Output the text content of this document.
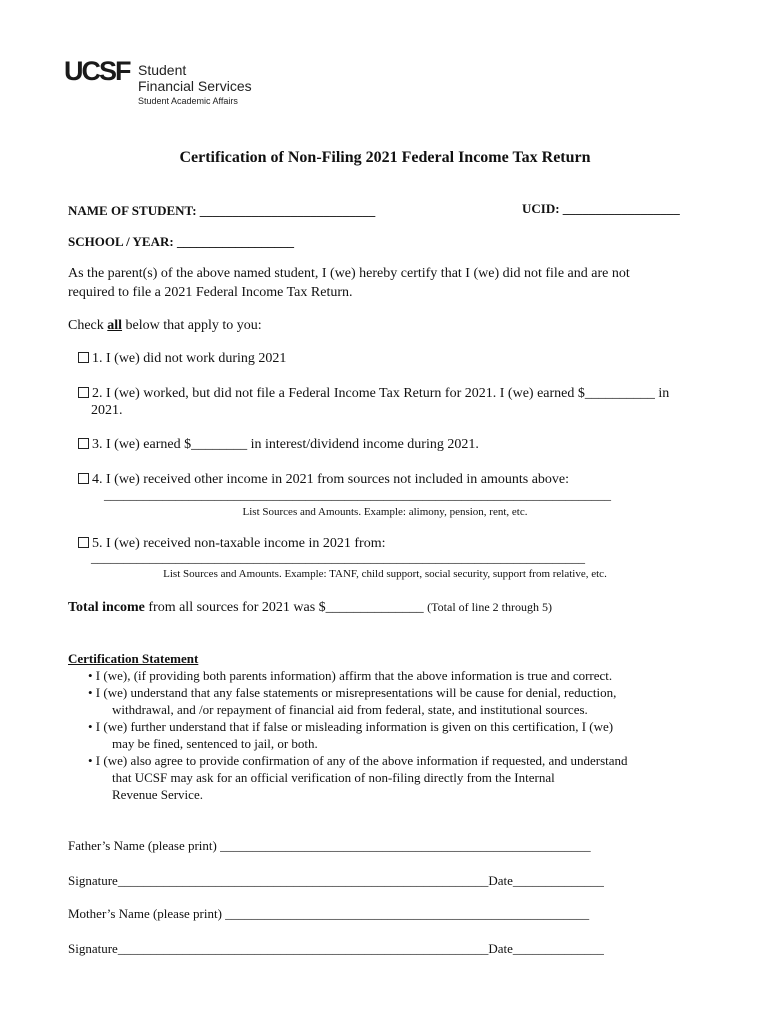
UCSF Student
Financial Services
Student Academic Affairs
Certification of Non-Filing 2021 Federal Income Tax Return
NAME OF STUDENT: ___________________________	UCID: __________________
SCHOOL / YEAR: __________________
As the parent(s) of the above named student, I (we) hereby certify that I (we) did not file and are not
required to file a 2021 Federal Income Tax Return.
Check all below that apply to you:
1. I (we) did not work during 2021
2. I (we) worked, but did not file a Federal Income Tax Return for 2021. I (we) earned $__________ in
2021.
3. I (we) earned $________ in interest/dividend income during 2021.
4. I (we) received other income in 2021 from sources not included in amounts above:
______________________________________________________________________________
List Sources and Amounts. Example: alimony, pension, rent, etc.
5. I (we) received non-taxable income in 2021 from:
____________________________________________________________________________
List Sources and Amounts. Example: TANF, child support, social security, support from relative, etc.
Total income from all sources for 2021 was $______________ (Total of line 2 through 5)
Certification Statement
• I (we), (if providing both parents information) affirm that the above information is true and correct.
• I (we) understand that any false statements or misrepresentations will be cause for denial, reduction,
withdrawal, and /or repayment of financial aid from federal, state, and institutional sources.
• I (we) further understand that if false or misleading information is given on this certification, I (we)
may be fined, sentenced to jail, or both.
• I (we) also agree to provide confirmation of any of the above information if requested, and understand
that UCSF may ask for an official verification of non-filing directly from the Internal
Revenue Service.
Father’s Name (please print) _________________________________________________________
Signature_________________________________________________________Date______________
Mother’s Name (please print) ________________________________________________________
Signature_________________________________________________________Date______________
